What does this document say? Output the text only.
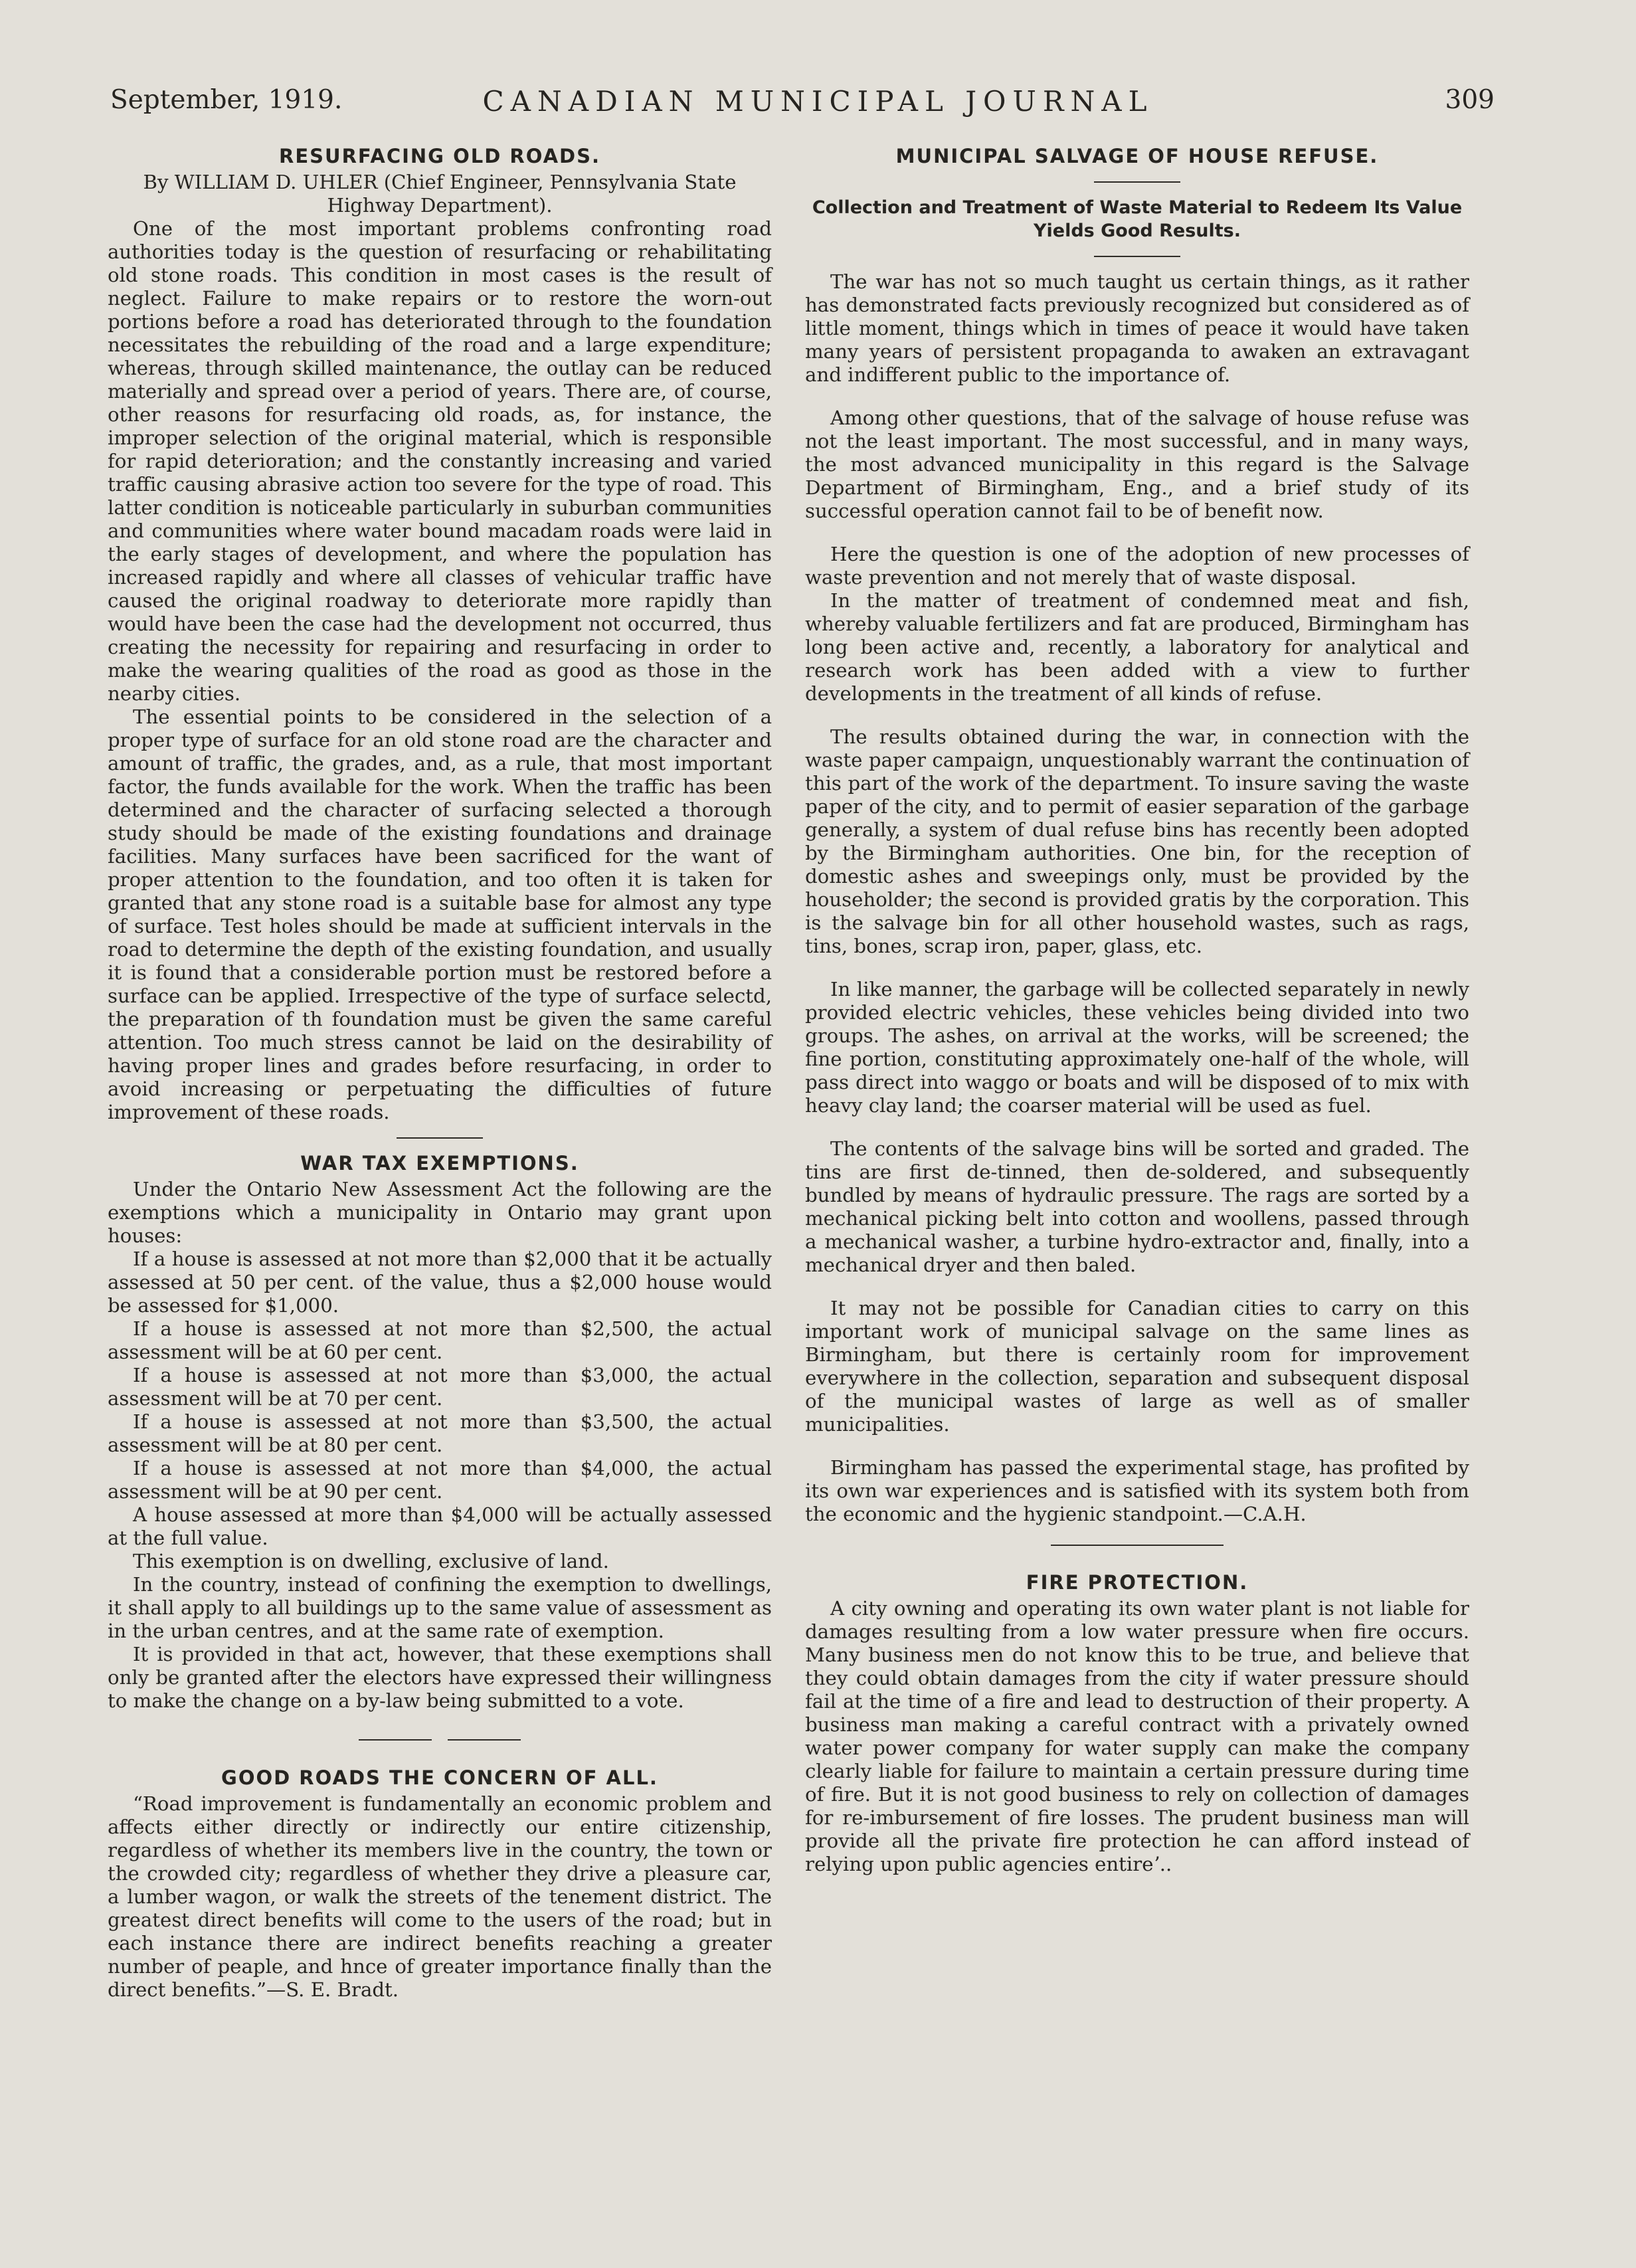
September, 1919.	CANADIAN MUNICIPAL JOURNAL	309
RESURFACING OLD ROADS.

By WILLIAM D. UHLER (Chief Engineer, Pennsylvania State Highway Department).

One of the most important problems confronting road authorities today is the question of resurfacing or rehabilitating old stone roads. This condition in most cases is the result of neglect. Failure to make repairs or to restore the worn-out portions before a road has deteriorated through to the foundation necessitates the rebuilding of the road and a large expenditure; whereas, through skilled maintenance, the outlay can be reduced materially and spread over a period of years. There are, of course, other reasons for resurfacing old roads, as, for instance, the improper selection of the original material, which is responsible for rapid deterioration; and the constantly increasing and varied traffic causing abrasive action too severe for the type of road. This latter condition is noticeable particularly in suburban communities and communities where water bound macadam roads were laid in the early stages of development, and where the population has increased rapidly and where all classes of vehicular traffic have caused the original roadway to deteriorate more rapidly than would have been the case had the development not occurred, thus creating the necessity for repairing and resurfacing in order to make the wearing qualities of the road as good as those in the nearby cities.

The essential points to be considered in the selection of a proper type of surface for an old stone road are the character and amount of traffic, the grades, and, as a rule, that most important factor, the funds available for the work. When the traffic has been determined and the character of surfacing selected a thorough study should be made of the existing foundations and drainage facilities. Many surfaces have been sacrificed for the want of proper attention to the foundation, and too often it is taken for granted that any stone road is a suitable base for almost any type of surface. Test holes should be made at sufficient intervals in the road to determine the depth of the existing foundation, and usually it is found that a considerable portion must be restored before a surface can be applied. Irrespective of the type of surface selectd, the preparation of th foundation must be given the same careful attention. Too much stress cannot be laid on the desirability of having proper lines and grades before resurfacing, in order to avoid increasing or perpetuating the difficulties of future improvement of these roads.

WAR TAX EXEMPTIONS.

Under the Ontario New Assessment Act the following are the exemptions which a municipality in Ontario may grant upon houses:

If a house is assessed at not more than $2,000 that it be actually assessed at 50 per cent. of the value, thus a $2,000 house would be assessed for $1,000.

If a house is assessed at not more than $2,500, the actual assessment will be at 60 per cent.

If a house is assessed at not more than $3,000, the actual assessment will be at 70 per cent.

If a house is assessed at not more than $3,500, the actual assessment will be at 80 per cent.

If a house is assessed at not more than $4,000, the actual assessment will be at 90 per cent.

A house assessed at more than $4,000 will be actually assessed at the full value.

This exemption is on dwelling, exclusive of land.

In the country, instead of confining the exemption to dwellings, it shall apply to all buildings up to the same value of assessment as in the urban centres, and at the same rate of exemption.

It is provided in that act, however, that these exemptions shall only be granted after the electors have expressed their willingness to make the change on a by-law being submitted to a vote.

GOOD ROADS THE CONCERN OF ALL.

“Road improvement is fundamentally an economic problem and affects either directly or indirectly our entire citizenship, regardless of whether its members live in the country, the town or the crowded city; regardless of whether they drive a pleasure car, a lumber wagon, or walk the streets of the tenement district. The greatest direct benefits will come to the users of the road; but in each instance there are indirect benefits reaching a greater number of peaple, and hnce of greater importance finally than the direct benefits.”—S. E. Bradt.

MUNICIPAL SALVAGE OF HOUSE REFUSE.

Collection and Treatment of Waste Material to Redeem Its Value Yields Good Results.

The war has not so much taught us certain things, as it rather has demonstrated facts previously recognized but considered as of little moment, things which in times of peace it would have taken many years of persistent propaganda to awaken an extravagant and indifferent public to the importance of.

Among other questions, that of the salvage of house refuse was not the least important. The most successful, and in many ways, the most advanced municipality in this regard is the Salvage Department of Birmingham, Eng., and a brief study of its successful operation cannot fail to be of benefit now.

Here the question is one of the adoption of new processes of waste prevention and not merely that of waste disposal.

In the matter of treatment of condemned meat and fish, whereby valuable fertilizers and fat are produced, Birmingham has long been active and, recently, a laboratory for analytical and research work has been added with a view to further developments in the treatment of all kinds of refuse.

The results obtained during the war, in connection with the waste paper campaign, unquestionably warrant the continuation of this part of the work of the department. To insure saving the waste paper of the city, and to permit of easier separation of the garbage generally, a system of dual refuse bins has recently been adopted by the Birmingham authorities. One bin, for the reception of domestic ashes and sweepings only, must be provided by the householder; the second is provided gratis by the corporation. This is the salvage bin for all other household wastes, such as rags, tins, bones, scrap iron, paper, glass, etc.

In like manner, the garbage will be collected separately in newly provided electric vehicles, these vehicles being divided into two groups. The ashes, on arrival at the works, will be screened; the fine portion, constituting approximately one-half of the whole, will pass direct into waggo or boats and will be disposed of to mix with heavy clay land; the coarser material will be used as fuel.

The contents of the salvage bins will be sorted and graded. The tins are first de-tinned, then de-soldered, and subsequently bundled by means of hydraulic pressure. The rags are sorted by a mechanical picking belt into cotton and woollens, passed through a mechanical washer, a turbine hydro-extractor and, finally, into a mechanical dryer and then baled.

It may not be possible for Canadian cities to carry on this important work of municipal salvage on the same lines as Birmingham, but there is certainly room for improvement everywhere in the collection, separation and subsequent disposal of the municipal wastes of large as well as of smaller municipalities.

Birmingham has passed the experimental stage, has profited by its own war experiences and is satisfied with its system both from the economic and the hygienic standpoint.—C.A.H.

FIRE PROTECTION.

A city owning and operating its own water plant is not liable for damages resulting from a low water pressure when fire occurs. Many business men do not know this to be true, and believe that they could obtain damages from the city if water pressure should fail at the time of a fire and lead to destruction of their property. A business man making a careful contract with a privately owned water power company for water supply can make the company clearly liable for failure to maintain a certain pressure during time of fire. But it is not good business to rely on collection of damages for re-imbursement of fire losses. The prudent business man will provide all the private fire protection he can afford instead of relying upon public agencies entireʼ..
